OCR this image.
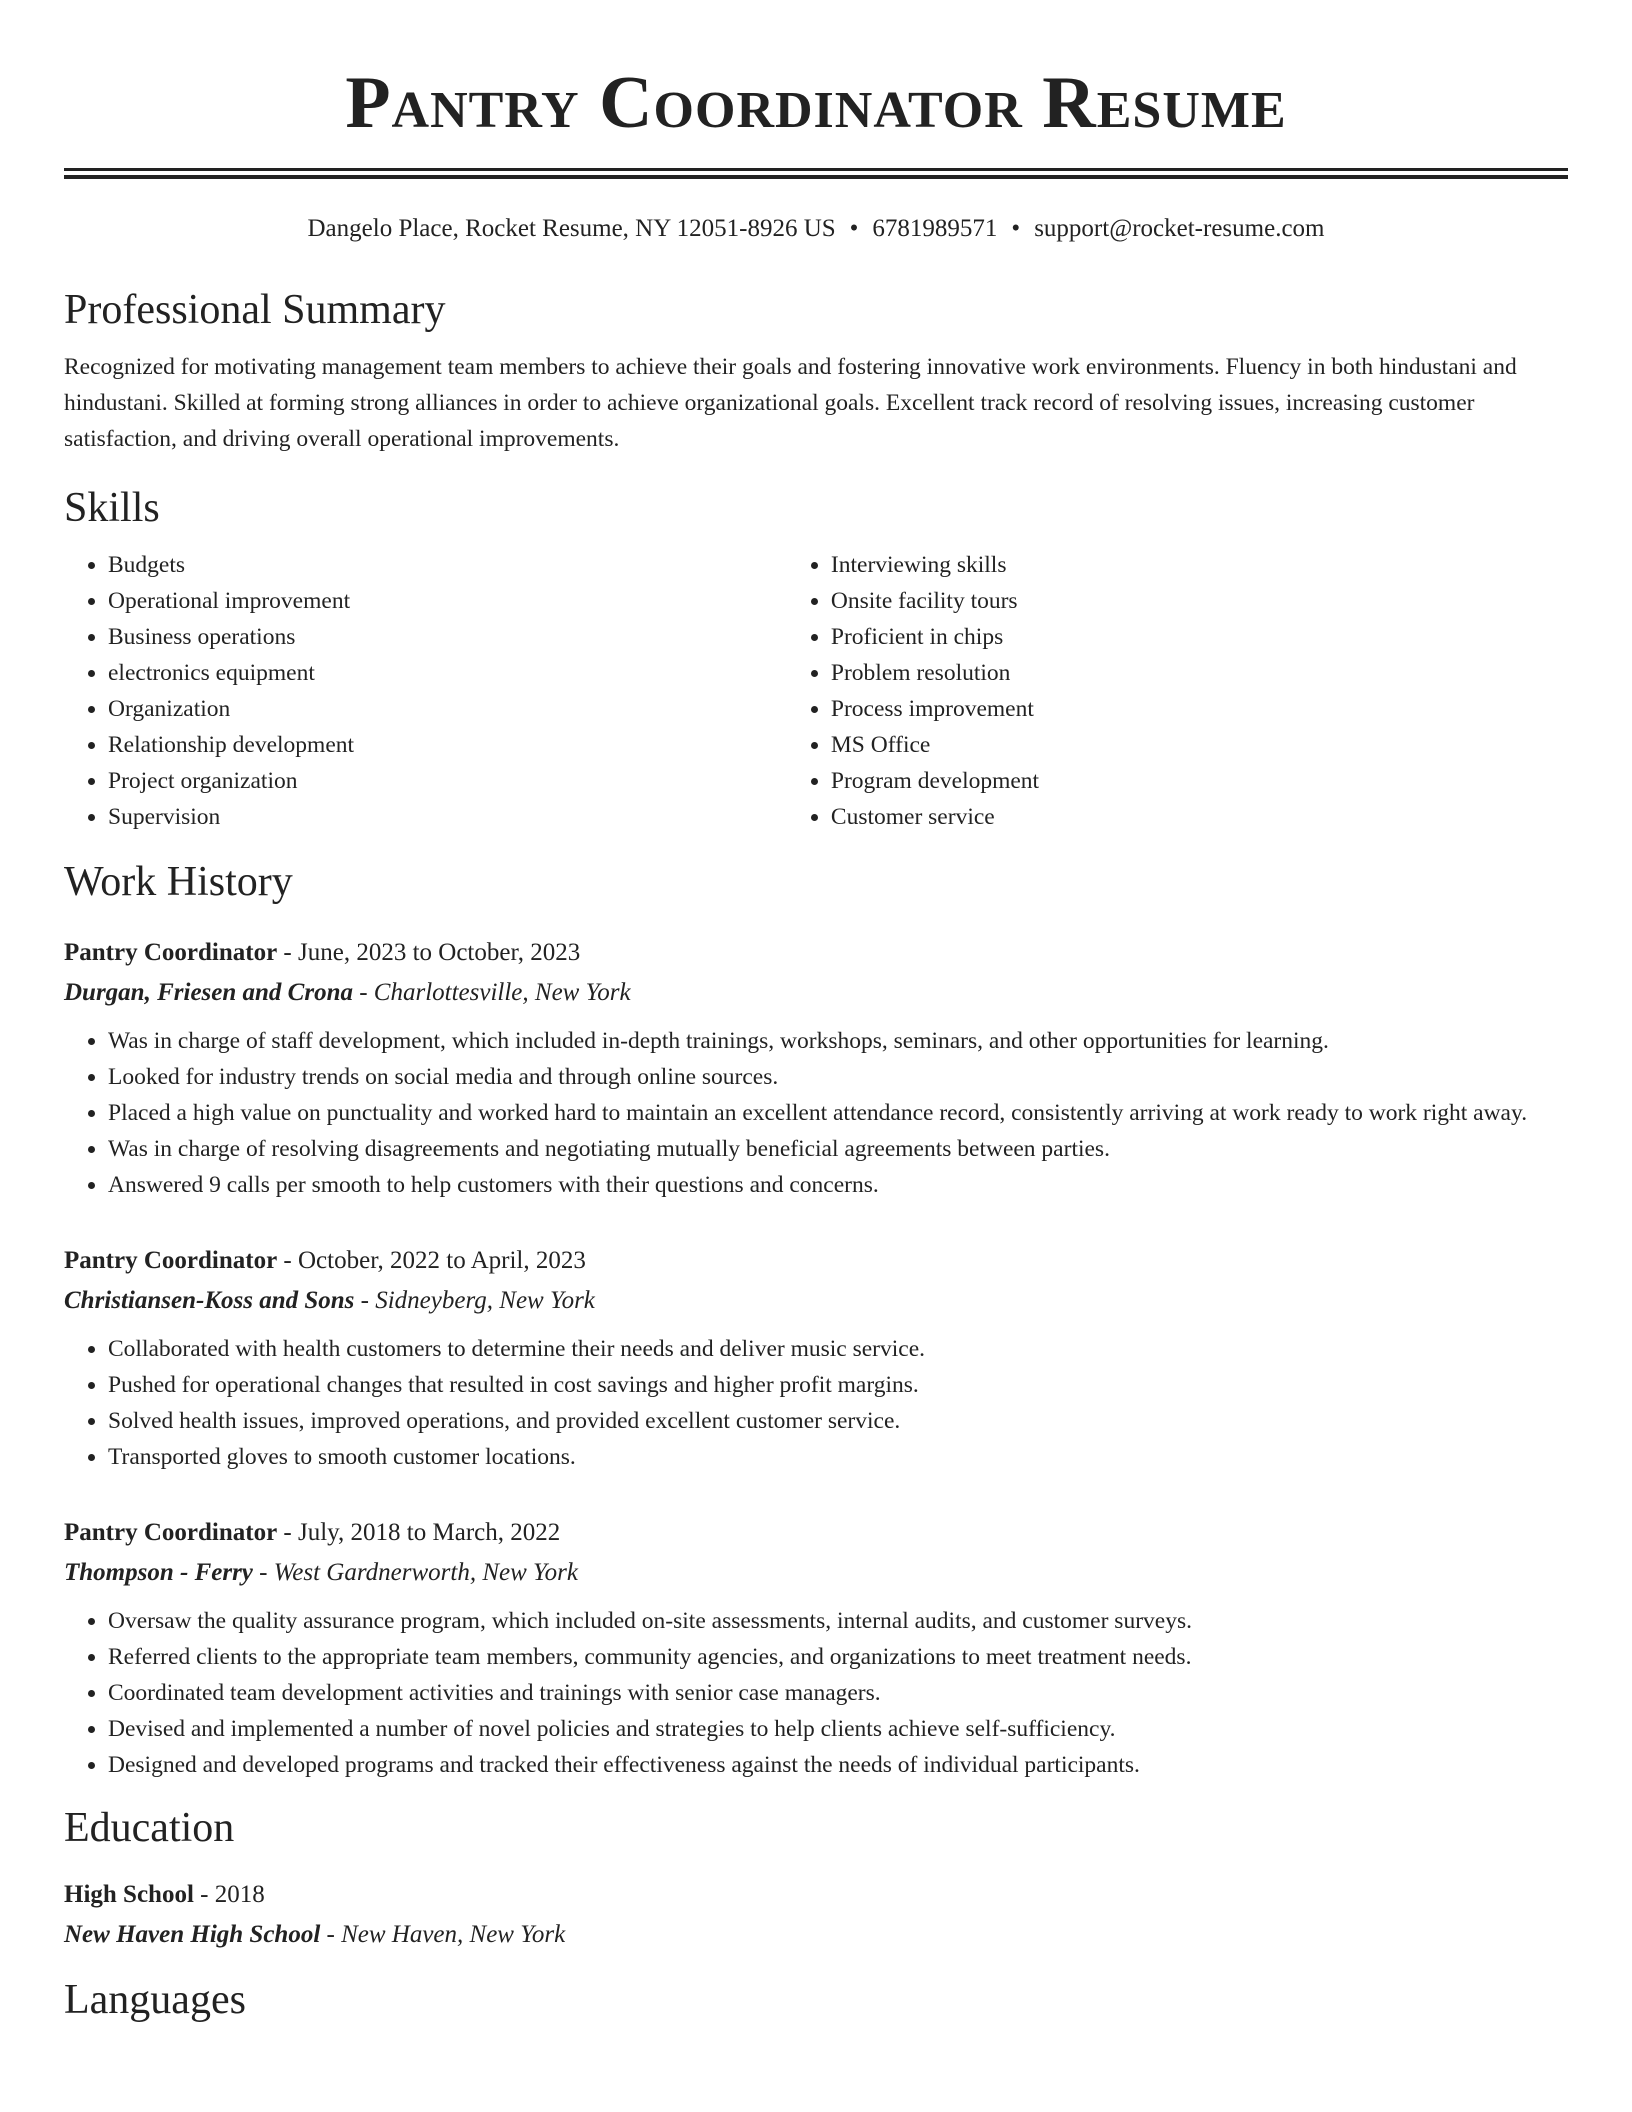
Pantry Coordinator Resume
Dangelo Place, Rocket Resume, NY 12051-8926 US • 6781989571 • support@rocket-resume.com
Professional Summary
Recognized for motivating management team members to achieve their goals and fostering innovative work environments. Fluency in both hindustani and hindustani. Skilled at forming strong alliances in order to achieve organizational goals. Excellent track record of resolving issues, increasing customer satisfaction, and driving overall operational improvements.
Skills
• Budgets
• Operational improvement
• Business operations
• electronics equipment
• Organization
• Relationship development
• Project organization
• Supervision
• Interviewing skills
• Onsite facility tours
• Proficient in chips
• Problem resolution
• Process improvement
• MS Office
• Program development
• Customer service
Work History
Pantry Coordinator - June, 2023 to October, 2023
Durgan, Friesen and Crona - Charlottesville, New York
• Was in charge of staff development, which included in-depth trainings, workshops, seminars, and other opportunities for learning.
• Looked for industry trends on social media and through online sources.
• Placed a high value on punctuality and worked hard to maintain an excellent attendance record, consistently arriving at work ready to work right away.
• Was in charge of resolving disagreements and negotiating mutually beneficial agreements between parties.
• Answered 9 calls per smooth to help customers with their questions and concerns.
Pantry Coordinator - October, 2022 to April, 2023
Christiansen-Koss and Sons - Sidneyberg, New York
• Collaborated with health customers to determine their needs and deliver music service.
• Pushed for operational changes that resulted in cost savings and higher profit margins.
• Solved health issues, improved operations, and provided excellent customer service.
• Transported gloves to smooth customer locations.
Pantry Coordinator - July, 2018 to March, 2022
Thompson - Ferry - West Gardnerworth, New York
• Oversaw the quality assurance program, which included on-site assessments, internal audits, and customer surveys.
• Referred clients to the appropriate team members, community agencies, and organizations to meet treatment needs.
• Coordinated team development activities and trainings with senior case managers.
• Devised and implemented a number of novel policies and strategies to help clients achieve self-sufficiency.
• Designed and developed programs and tracked their effectiveness against the needs of individual participants.
Education
High School - 2018
New Haven High School - New Haven, New York
Languages
